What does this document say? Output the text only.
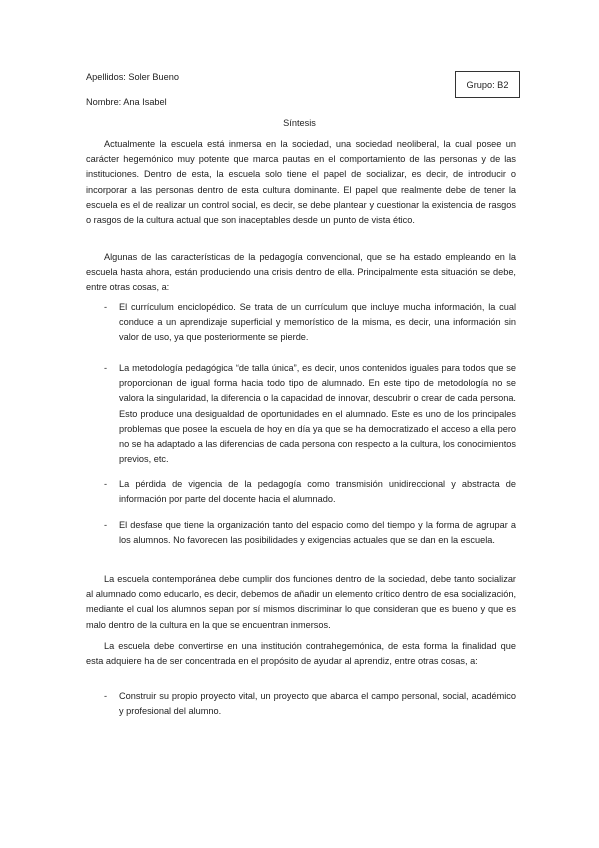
Apellidos: Soler Bueno
Nombre: Ana Isabel
Grupo: B2
Síntesis

Actualmente la escuela está inmersa en la sociedad, una sociedad neoliberal, la cual posee un carácter hegemónico muy potente que marca pautas en el comportamiento de las personas y de las instituciones. Dentro de esta, la escuela solo tiene el papel de socializar, es decir, de introducir o incorporar a las personas dentro de esta cultura dominante. El papel que realmente debe de tener la escuela es el de realizar un control social, es decir, se debe plantear y cuestionar la existencia de rasgos o rasgos de la cultura actual que son inaceptables desde un punto de vista ético.

Algunas de las características de la pedagogía convencional, que se ha estado empleando en la escuela hasta ahora, están produciendo una crisis dentro de ella. Principalmente esta situación se debe, entre otras cosas, a:

- El currículum enciclopédico. Se trata de un currículum que incluye mucha información, la cual conduce a un aprendizaje superficial y memorístico de la misma, es decir, una información sin valor de uso, ya que posteriormente se pierde.
- La metodología pedagógica “de talla única”, es decir, unos contenidos iguales para todos que se proporcionan de igual forma hacia todo tipo de alumnado. En este tipo de metodología no se valora la singularidad, la diferencia o la capacidad de innovar, descubrir o crear de cada persona. Esto produce una desigualdad de oportunidades en el alumnado. Este es uno de los principales problemas que posee la escuela de hoy en día ya que se ha democratizado el acceso a ella pero no se ha adaptado a las diferencias de cada persona con respecto a la cultura, los conocimientos previos, etc.
- La pérdida de vigencia de la pedagogía como transmisión unidireccional y abstracta de información por parte del docente hacia el alumnado.
- El desfase que tiene la organización tanto del espacio como del tiempo y la forma de agrupar a los alumnos. No favorecen las posibilidades y exigencias actuales que se dan en la escuela.

La escuela contemporánea debe cumplir dos funciones dentro de la sociedad, debe tanto socializar al alumnado como educarlo, es decir, debemos de añadir un elemento crítico dentro de esa socialización, mediante el cual los alumnos sepan por sí mismos discriminar lo que consideran que es bueno y que es malo dentro de la cultura en la que se encuentran inmersos.

La escuela debe convertirse en una institución contrahegemónica, de esta forma la finalidad que esta adquiere ha de ser concentrada en el propósito de ayudar al aprendiz, entre otras cosas, a:

- Construir su propio proyecto vital, un proyecto que abarca el campo personal, social, académico y profesional del alumno.
